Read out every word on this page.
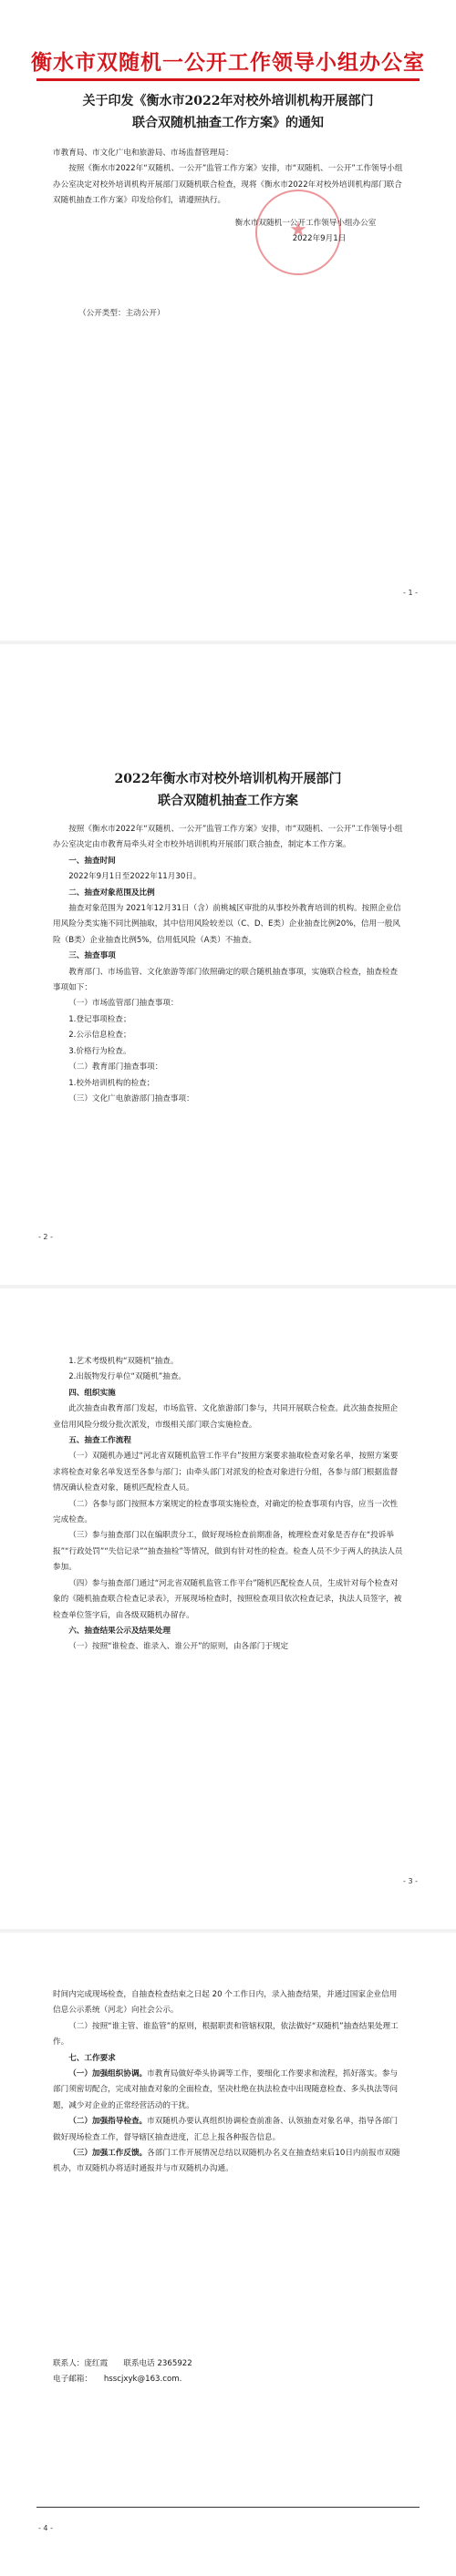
衡水市双随机一公开工作领导小组办公室
关于印发《衡水市2022年对校外培训机构开展部门
联合双随机抽查工作方案》的通知

市教育局、市文化广电和旅游局、市场监督管理局：

按照《衡水市2022年“双随机、一公开”监管工作方案》安排，市“双随机、一公开”工作领导小组办公室决定对校外培训机构开展部门双随机联合检查，现将《衡水市2022年对校外培训机构部门联合双随机抽查工作方案》印发给你们，请遵照执行。

★
衡水市双随机一公开工作领导小组办公室
2022年9月1日
（公开类型：主动公开）
- 1 -
2022年衡水市对校外培训机构开展部门
联合双随机抽查工作方案

按照《衡水市2022年“双随机、一公开”监管工作方案》安排，市“双随机、一公开”工作领导小组办公室决定由市教育局牵头对全市校外培训机构开展部门联合抽查，制定本工作方案。

一、抽查时间

2022年9月1日至2022年11月30日。

二、抽查对象范围及比例

抽查对象范围为 2021年12月31日（含）前桃城区审批的从事校外教育培训的机构。按照企业信用风险分类实施不同比例抽取，其中信用风险较差以（C、D、E类）企业抽查比例20%，信用一般风险（B类）企业抽查比例5%，信用低风险（A类）不抽查。

三、抽查事项

教育部门、市场监管、文化旅游等部门依照确定的联合随机抽查事项，实施联合检查，抽查检查事项如下：

（一）市场监管部门抽查事项：

1.登记事项检查；

2.公示信息检查；

3.价格行为检查。

（二）教育部门抽查事项：

1.校外培训机构的检查；

（三）文化广电旅游部门抽查事项：

- 2 -

1.艺术考级机构“双随机”抽查。

2.出版物发行单位“双随机”抽查。

四、组织实施

此次抽查由教育部门发起，市场监管、文化旅游部门参与，共同开展联合检查。此次抽查按照企业信用风险分级分批次派发，市级相关部门联合实施检查。

五、抽查工作流程

（一）双随机办通过“河北省双随机监管工作平台”按照方案要求抽取检查对象名单，按照方案要求将检查对象名单发送至各参与部门；由牵头部门对派发的检查对象进行分组，各参与部门根据监督情况确认检查对象，随机匹配检查人员。

（二）各参与部门按照本方案规定的检查事项实施检查，对确定的检查事项有内容，应当一次性完成检查。

（三）参与抽查部门以在编职责分工，做好现场检查前期准备，梳理检查对象是否存在“投诉举报”“行政处罚”“失信记录”“抽查抽检”等情况，做到有针对性的检查。检查人员不少于两人的执法人员参加。

（四）参与抽查部门通过“河北省双随机监管工作平台”随机匹配检查人员，生成针对每个检查对象的《随机抽查联合检查记录表》，开展现场检查时，按照检查项目依次检查记录，执法人员签字，被检查单位签字后，由各级双随机办留存。

六、抽查结果公示及结果处理

（一）按照“谁检查、谁录入、谁公开”的原则，由各部门于规定

- 3 -

时间内完成现场检查，自抽查检查结束之日起 20 个工作日内，录入抽查结果，并通过国家企业信用信息公示系统（河北）向社会公示。

（二）按照“谁主管、谁监管”的原则，根据职责和管辖权限，依法做好“双随机”抽查结果处理工作。

七、工作要求

（一）加强组织协调。市教育局做好牵头协调等工作，要细化工作要求和流程，抓好落实。参与部门须密切配合，完成对抽查对象的全面检查，坚决杜绝在执法检查中出现随意检查、多头执法等问题，减少对企业的正常经营活动的干扰。

（二）加强指导检查。市双随机办要认真组织协调检查前准备、认领抽查对象名单，指导各部门做好现场检查工作，督导辖区抽查进度，汇总上报各种报告信息。

（三）加强工作反馈。各部门工作开展情况总结以双随机办名义在抽查结束后10日内前报市双随机办，市双随机办将适时通报并与市双随机办沟通。

联系人：庞红霞　　联系电话 2365922

电子邮箱：　　hsscjxyk@163.com.

- 4 -
